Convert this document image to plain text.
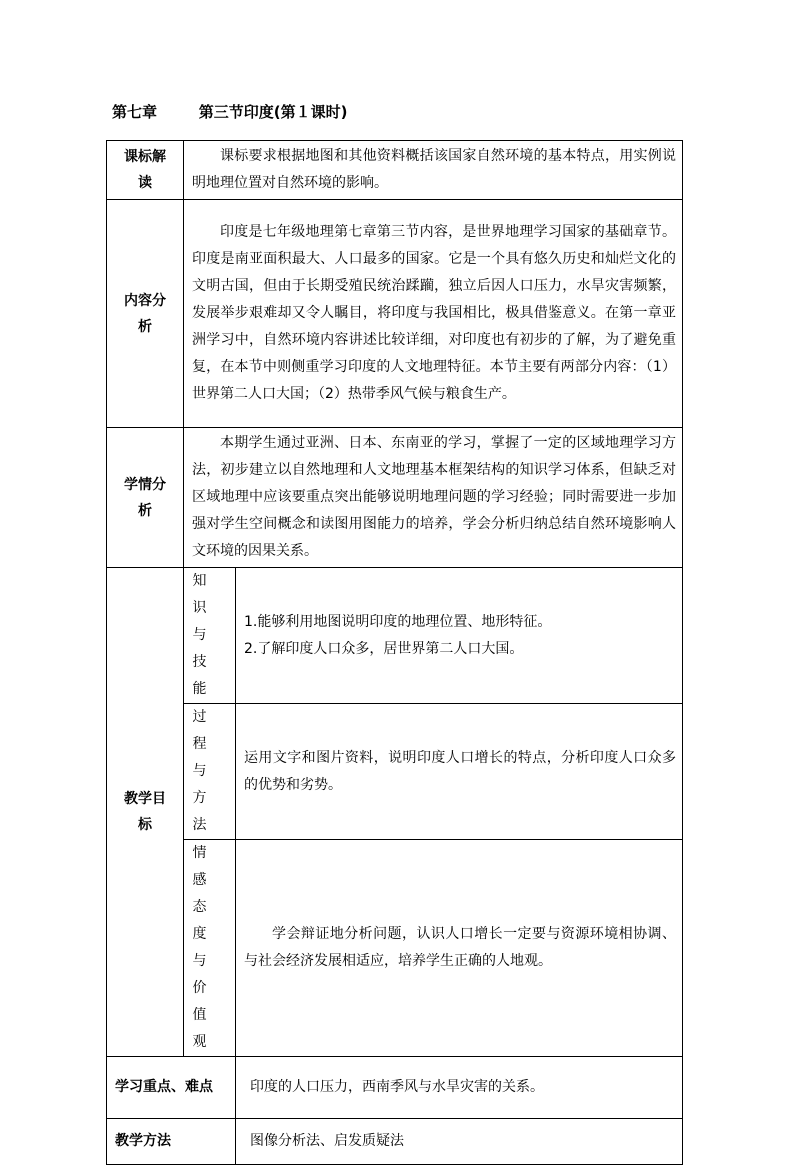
第七章	第三节印度(第１课时)
课标解读	课标要求根据地图和其他资料概括该国家自然环境的基本特点，用实例说明地理位置对自然环境的影响。	

内容分析	印度是七年级地理第七章第三节内容，是世界地理学习国家的基础章节。印度是南亚面积最大、人口最多的国家。它是一个具有悠久历史和灿烂文化的文明古国，但由于长期受殖民统治蹂躏，独立后因人口压力，水旱灾害频繁，发展举步艰难却又令人瞩目，将印度与我国相比，极具借鉴意义。在第一章亚洲学习中，自然环境内容讲述比较详细，对印度也有初步的了解，为了避免重复，在本节中则侧重学习印度的人文地理特征。本节主要有两部分内容：（1）世界第二人口大国；（2）热带季风气候与粮食生产。	

学情分析	本期学生通过亚洲、日本、东南亚的学习，掌握了一定的区域地理学习方法，初步建立以自然地理和人文地理基本框架结构的知识学习体系，但缺乏对区域地理中应该要重点突出能够说明地理问题的学习经验；同时需要进一步加强对学生空间概念和读图用图能力的培养，学会分析归纳总结自然环境影响人文环境的因果关系。	

教学目标	知识与技能	1.能够利用地图说明印度的地理位置、地形特征。
2.了解印度人口众多，居世界第二人口大国。

	过程与方法	运用文字和图片资料，说明印度人口增长的特点，分析印度人口众多的优势和劣势。

	情感态度与价值观	学会辩证地分析问题，认识人口增长一定要与资源环境相协调、与社会经济发展相适应，培养学生正确的人地观。
学习重点、难点		印度的人口压力，西南季风与水旱灾害的关系。
教学方法		图像分析法、启发质疑法
